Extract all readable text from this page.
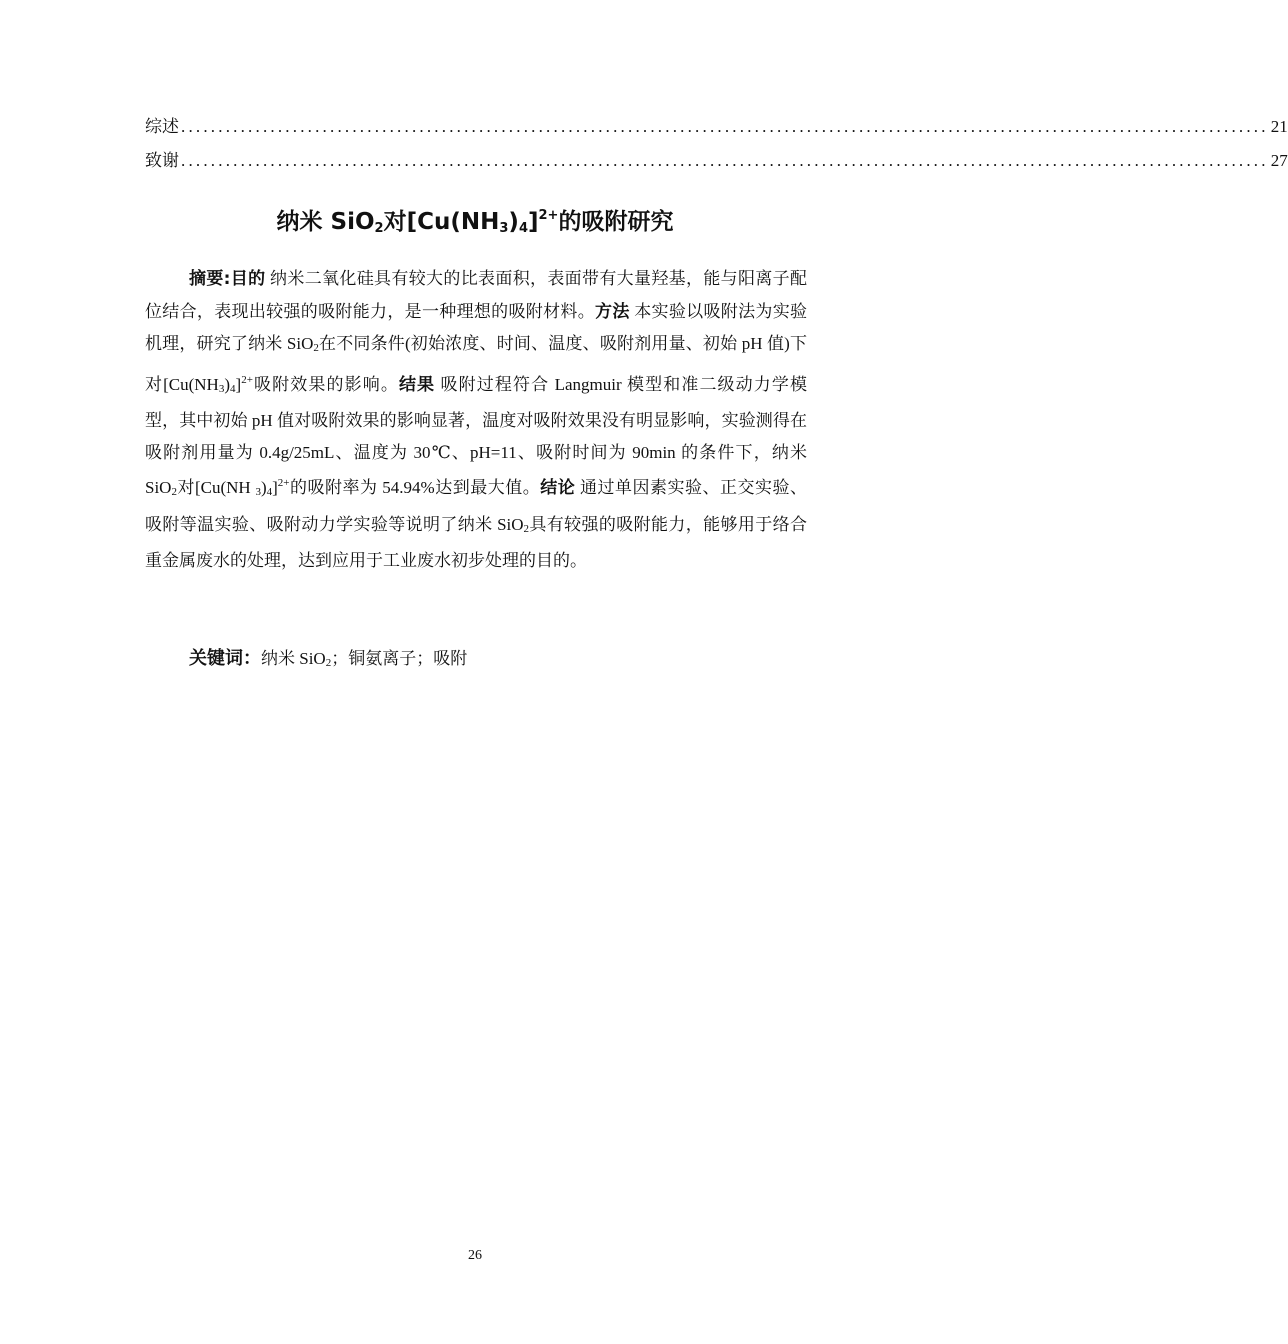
综述 .................................................................................................................................................. 21
致谢 .................................................................................................................................................. 27
纳米 SiO$_2$对$[Cu(NH_3)_4]^{2+}$的吸附研究
摘要:目的 纳米二氧化硅具有较大的比表面积，表面带有大量羟基，能与阳离子配位结合，表现出较强的吸附能力，是一种理想的吸附材料。方法 本实验以吸附法为实验机理，研究了纳米 SiO$_2$在不同条件(初始浓度、时间、温度、吸附剂用量、初始 pH 值)下对$[Cu(NH_3)_4]^{2+}$吸附效果的影响。结果 吸附过程符合 Langmuir 模型和准二级动力学模型，其中初始 pH 值对吸附效果的影响显著，温度对吸附效果没有明显影响，实验测得在吸附剂用量为 0.4g/25mL、温度为 30℃、pH=11、吸附时间为 90min 的条件下，纳米 SiO$_2$对[Cu(NH $_3)_4]^{2+}$的吸附率为 54.94%达到最大值。结论 通过单因素实验、正交实验、吸附等温实验、吸附动力学实验等说明了纳米 SiO$_2$具有较强的吸附能力，能够用于络合重金属废水的处理，达到应用于工业废水初步处理的目的。
关键词：纳米 SiO$_2$；铜氨离子；吸附
26
